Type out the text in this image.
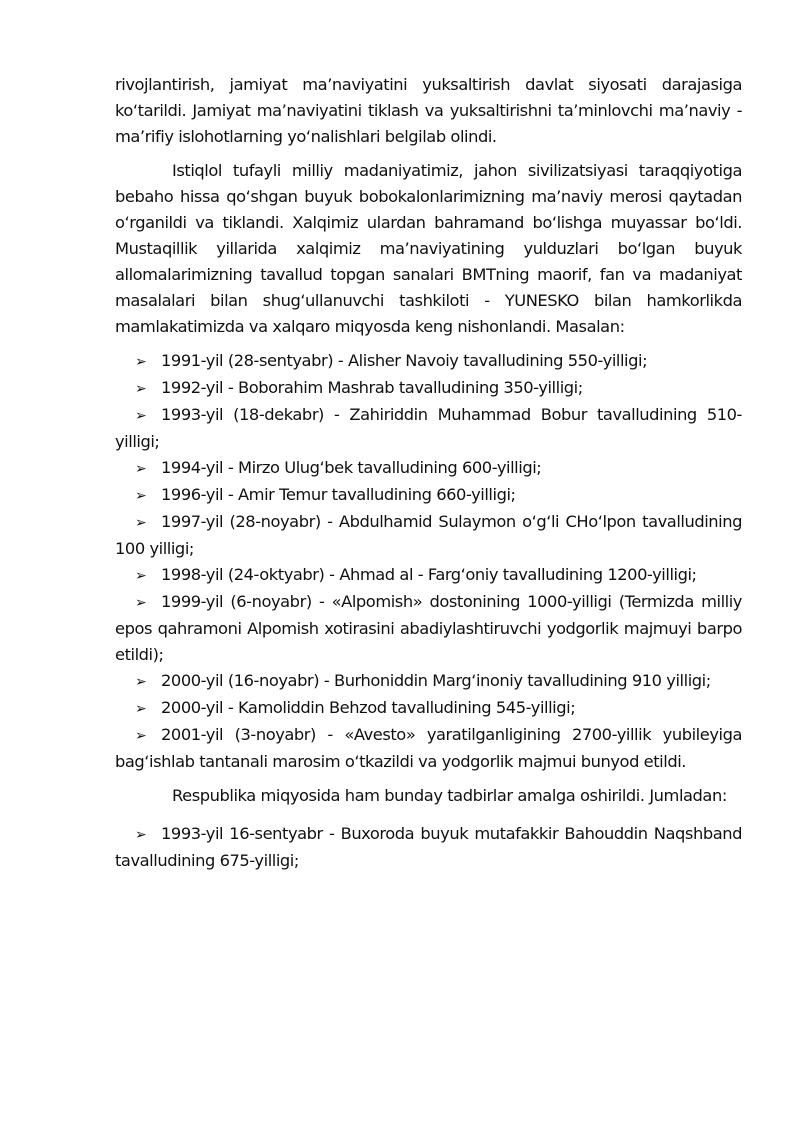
rivojlantirish, jamiyat ma’naviyatini yuksaltirish davlat siyosati darajasiga ko‘tarildi. Jamiyat ma’naviyatini tiklash va yuksaltirishni ta’minlovchi ma’naviy - ma’rifiy islohotlarning yo‘nalishlari belgilab olindi.

Istiqlol tufayli milliy madaniyatimiz, jahon sivilizatsiyasi taraqqiyotiga bebaho hissa qo‘shgan buyuk bobokalonlarimizning ma’naviy merosi qaytadan o‘rganildi va tiklandi. Xalqimiz ulardan bahramand bo‘lishga muyassar bo‘ldi. Mustaqillik yillarida xalqimiz ma’naviyatining yulduzlari bo‘lgan buyuk allomalarimizning tavallud topgan sanalari BMTning maorif, fan va madaniyat masalalari bilan shug‘ullanuvchi tashkiloti - YUNESKO bilan hamkorlikda mamlakatimizda va xalqaro miqyosda keng nishonlandi. Masalan:

➢ 1991-yil (28-sentyabr) - Alisher Navoiy tavalludining 550-yilligi;

➢ 1992-yil - Boborahim Mashrab tavalludining 350-yilligi;

➢ 1993-yil (18-dekabr) - Zahiriddin Muhammad Bobur tavalludining 510-yilligi;

➢ 1994-yil - Mirzo Ulug‘bek tavalludining 600-yilligi;

➢ 1996-yil - Amir Temur tavalludining 660-yilligi;

➢ 1997-yil (28-noyabr) - Abdulhamid Sulaymon o‘g‘li CHo‘lpon tavalludining 100 yilligi;

➢ 1998-yil (24-oktyabr) - Ahmad al - Farg‘oniy tavalludining 1200-yilligi;

➢ 1999-yil (6-noyabr) - «Alpomish» dostonining 1000-yilligi (Termizda milliy epos qahramoni Alpomish xotirasini abadiylashtiruvchi yodgorlik majmuyi barpo etildi);

➢ 2000-yil (16-noyabr) - Burhoniddin Marg‘inoniy tavalludining 910 yilligi;

➢ 2000-yil - Kamoliddin Behzod tavalludining 545-yilligi;

➢ 2001-yil (3-noyabr) - «Avesto» yaratilganligining 2700-yillik yubileyiga bag‘ishlab tantanali marosim o‘tkazildi va yodgorlik majmui bunyod etildi.

Respublika miqyosida ham bunday tadbirlar amalga oshirildi. Jumladan:

➢ 1993-yil 16-sentyabr - Buxoroda buyuk mutafakkir Bahouddin Naqshband tavalludining 675-yilligi;
